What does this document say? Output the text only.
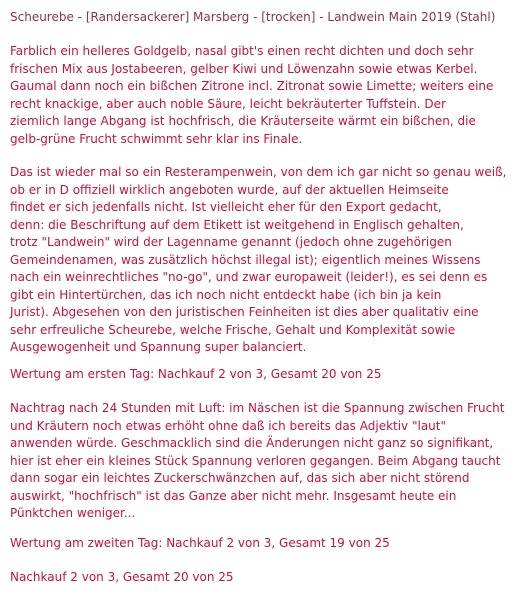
Scheurebe - [Randersackerer] Marsberg - [trocken] - Landwein Main 2019 (Stahl)
Farblich ein helleres Goldgelb, nasal gibt's einen recht dichten und doch sehr
frischen Mix aus Jostabeeren, gelber Kiwi und Löwenzahn sowie etwas Kerbel.
Gaumal dann noch ein bißchen Zitrone incl. Zitronat sowie Limette; weiters eine
recht knackige, aber auch noble Säure, leicht bekräuterter Tuffstein. Der
ziemlich lange Abgang ist hochfrisch, die Kräuterseite wärmt ein bißchen, die
gelb-grüne Frucht schwimmt sehr klar ins Finale.
Das ist wieder mal so ein Resterampenwein, von dem ich gar nicht so genau weiß,
ob er in D offiziell wirklich angeboten wurde, auf der aktuellen Heimseite
findet er sich jedenfalls nicht. Ist vielleicht eher für den Export gedacht,
denn: die Beschriftung auf dem Etikett ist weitgehend in Englisch gehalten,
trotz "Landwein" wird der Lagenname genannt (jedoch ohne zugehörigen
Gemeindenamen, was zusätzlich höchst illegal ist); eigentlich meines Wissens
nach ein weinrechtliches "no-go", und zwar europaweit (leider!), es sei denn es
gibt ein Hintertürchen, das ich noch nicht entdeckt habe (ich bin ja kein
Jurist). Abgesehen von den juristischen Feinheiten ist dies aber qualitativ eine
sehr erfreuliche Scheurebe, welche Frische, Gehalt und Komplexität sowie
Ausgewogenheit und Spannung super balanciert.
Wertung am ersten Tag: Nachkauf 2 von 3, Gesamt 20 von 25
Nachtrag nach 24 Stunden mit Luft: im Näschen ist die Spannung zwischen Frucht
und Kräutern noch etwas erhöht ohne daß ich bereits das Adjektiv "laut"
anwenden würde. Geschmacklich sind die Änderungen nicht ganz so signifikant,
hier ist eher ein kleines Stück Spannung verloren gegangen. Beim Abgang taucht
dann sogar ein leichtes Zuckerschwänzchen auf, das sich aber nicht störend
auswirkt, "hochfrisch" ist das Ganze aber nicht mehr. Insgesamt heute ein
Pünktchen weniger...
Wertung am zweiten Tag: Nachkauf 2 von 3, Gesamt 19 von 25
Nachkauf 2 von 3, Gesamt 20 von 25
